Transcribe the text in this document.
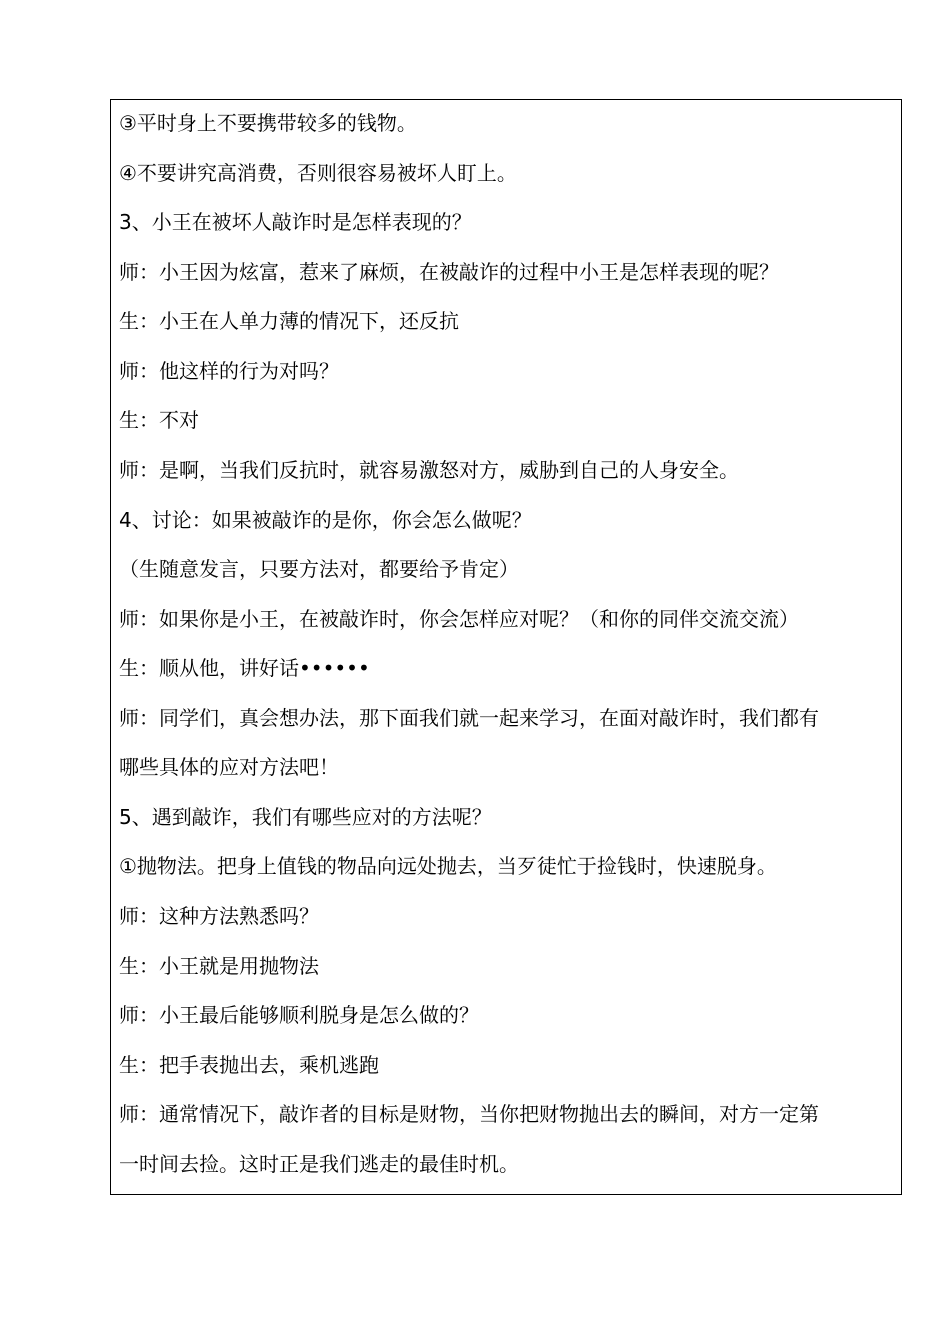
③平时身上不要携带较多的钱物。
④不要讲究高消费，否则很容易被坏人盯上。
3、小王在被坏人敲诈时是怎样表现的？
师：小王因为炫富，惹来了麻烦，在被敲诈的过程中小王是怎样表现的呢？
生：小王在人单力薄的情况下，还反抗
师：他这样的行为对吗？
生：不对
师：是啊，当我们反抗时，就容易激怒对方，威胁到自己的人身安全。
4、讨论：如果被敲诈的是你，你会怎么做呢？
（生随意发言，只要方法对，都要给予肯定）
师：如果你是小王，在被敲诈时，你会怎样应对呢？（和你的同伴交流交流）
生：顺从他，讲好话••••••
师：同学们，真会想办法，那下面我们就一起来学习，在面对敲诈时，我们都有
哪些具体的应对方法吧！
5、遇到敲诈，我们有哪些应对的方法呢？
①抛物法。把身上值钱的物品向远处抛去，当歹徒忙于捡钱时，快速脱身。
师：这种方法熟悉吗？
生：小王就是用抛物法
师：小王最后能够顺利脱身是怎么做的？
生：把手表抛出去，乘机逃跑
师：通常情况下，敲诈者的目标是财物，当你把财物抛出去的瞬间，对方一定第
一时间去捡。这时正是我们逃走的最佳时机。
